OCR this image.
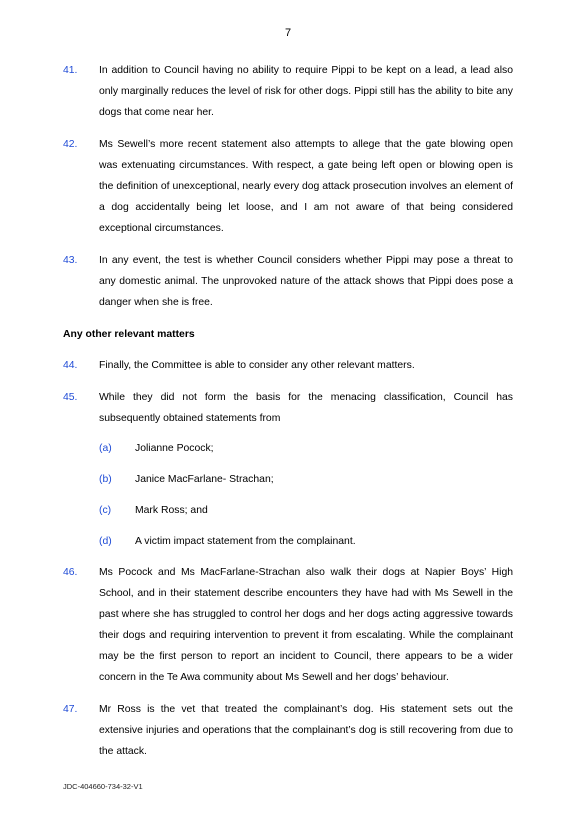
7
41.	In addition to Council having no ability to require Pippi to be kept on a lead, a lead also only marginally reduces the level of risk for other dogs. Pippi still has the ability to bite any dogs that come near her.
42.	Ms Sewell’s more recent statement also attempts to allege that the gate blowing open was extenuating circumstances. With respect, a gate being left open or blowing open is the definition of unexceptional, nearly every dog attack prosecution involves an element of a dog accidentally being let loose, and I am not aware of that being considered exceptional circumstances.
43.	In any event, the test is whether Council considers whether Pippi may pose a threat to any domestic animal. The unprovoked nature of the attack shows that Pippi does pose a danger when she is free.
Any other relevant matters
44.	Finally, the Committee is able to consider any other relevant matters.
45.	While they did not form the basis for the menacing classification, Council has subsequently obtained statements from
(a)	Jolianne Pocock;
(b)	Janice MacFarlane- Strachan;
(c)	Mark Ross; and
(d)	A victim impact statement from the complainant.
46.	Ms Pocock and Ms MacFarlane-Strachan also walk their dogs at Napier Boys’ High School, and in their statement describe encounters they have had with Ms Sewell in the past where she has struggled to control her dogs and her dogs acting aggressive towards their dogs and requiring intervention to prevent it from escalating. While the complainant may be the first person to report an incident to Council, there appears to be a wider concern in the Te Awa community about Ms Sewell and her dogs’ behaviour.
47.	Mr Ross is the vet that treated the complainant’s dog. His statement sets out the extensive injuries and operations that the complainant’s dog is still recovering from due to the attack.
JDC-404660-734-32-V1
